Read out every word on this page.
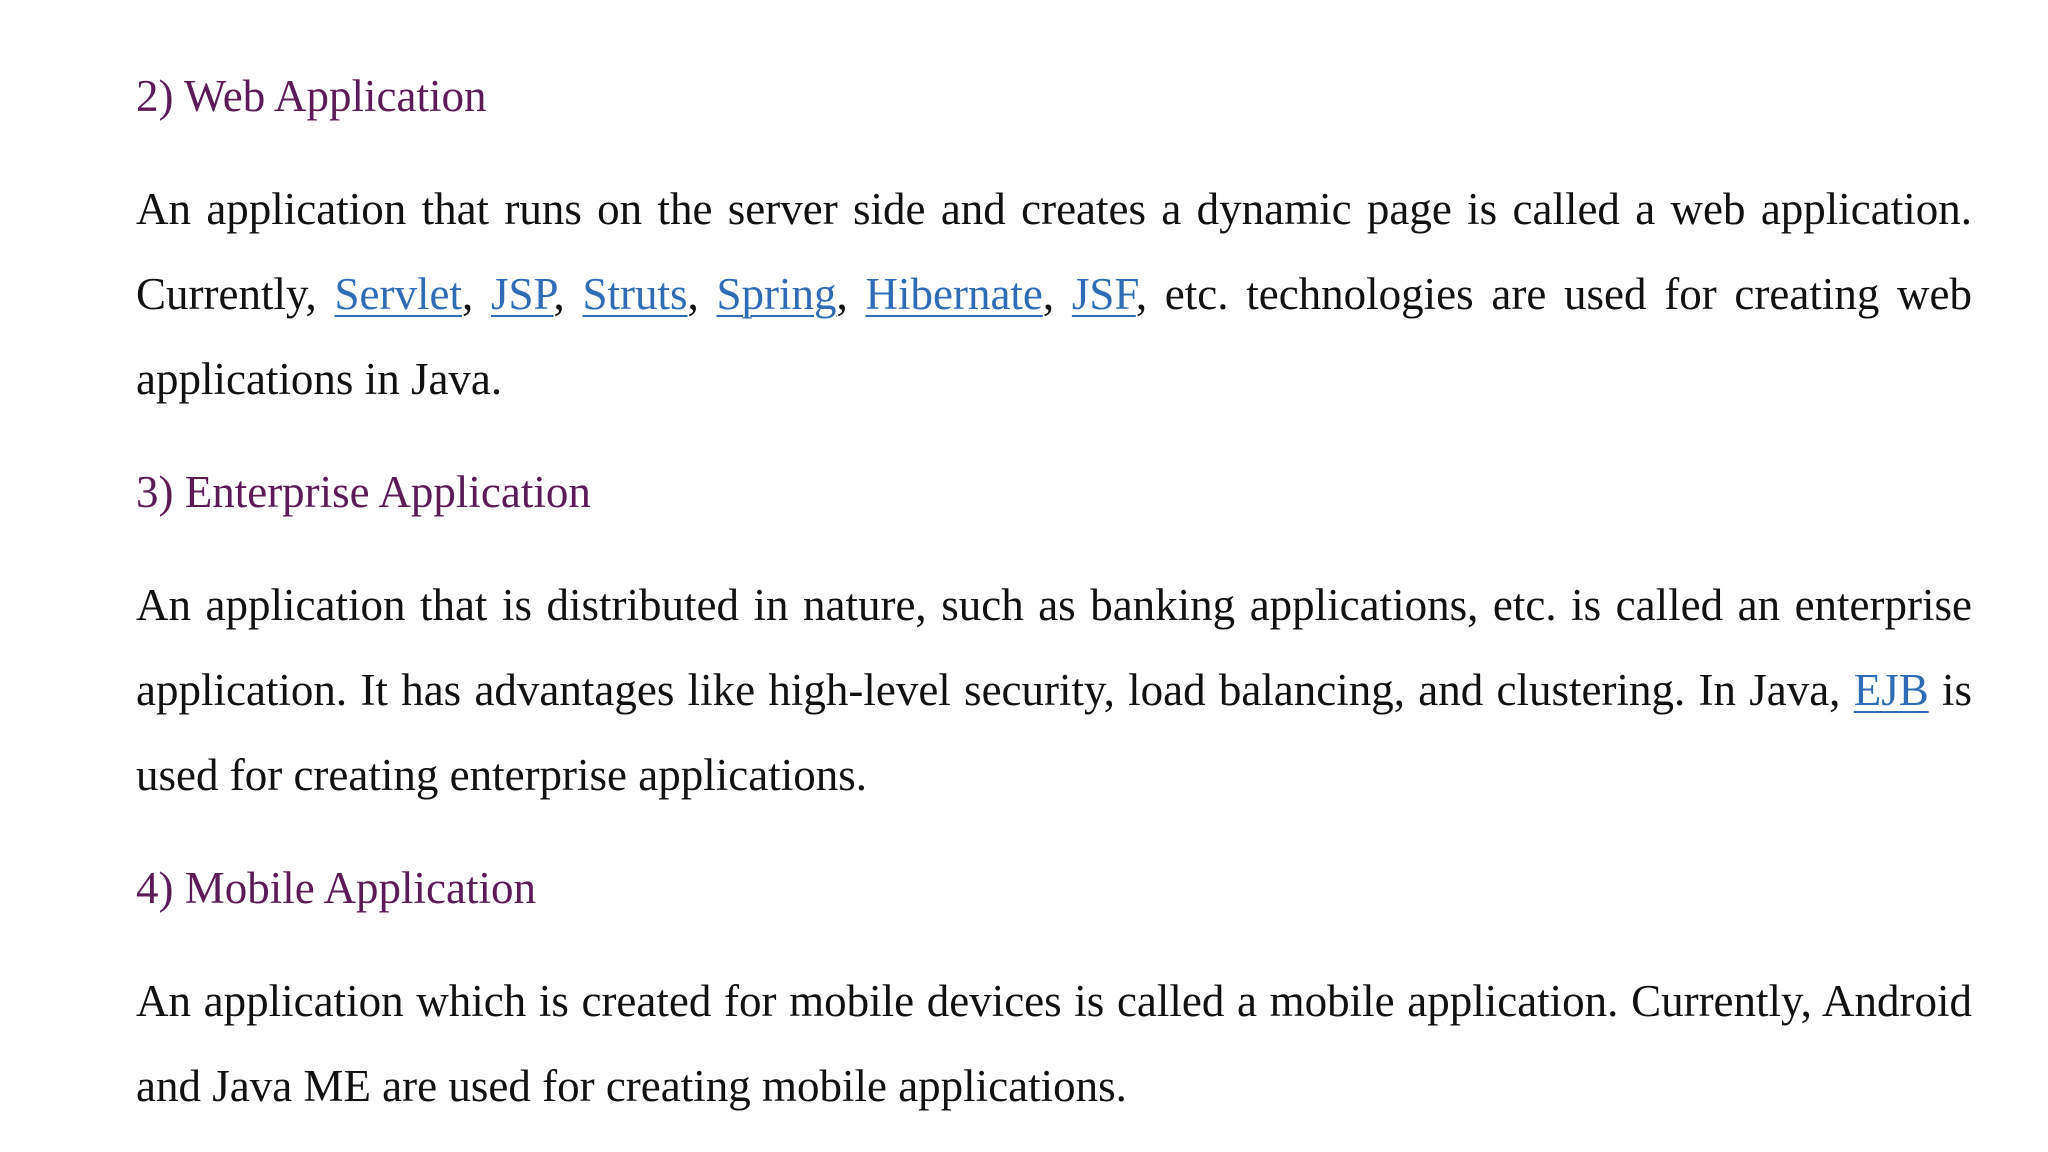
2) Web Application

An application that runs on the server side and creates a dynamic page is called a web application. Currently, Servlet, JSP, Struts, Spring, Hibernate, JSF, etc. technologies are used for creating web applications in Java.

3) Enterprise Application

An application that is distributed in nature, such as banking applications, etc. is called an enterprise application. It has advantages like high-level security, load balancing, and clustering. In Java, EJB is used for creating enterprise applications.

4) Mobile Application

An application which is created for mobile devices is called a mobile application. Currently, Android and Java ME are used for creating mobile applications.
